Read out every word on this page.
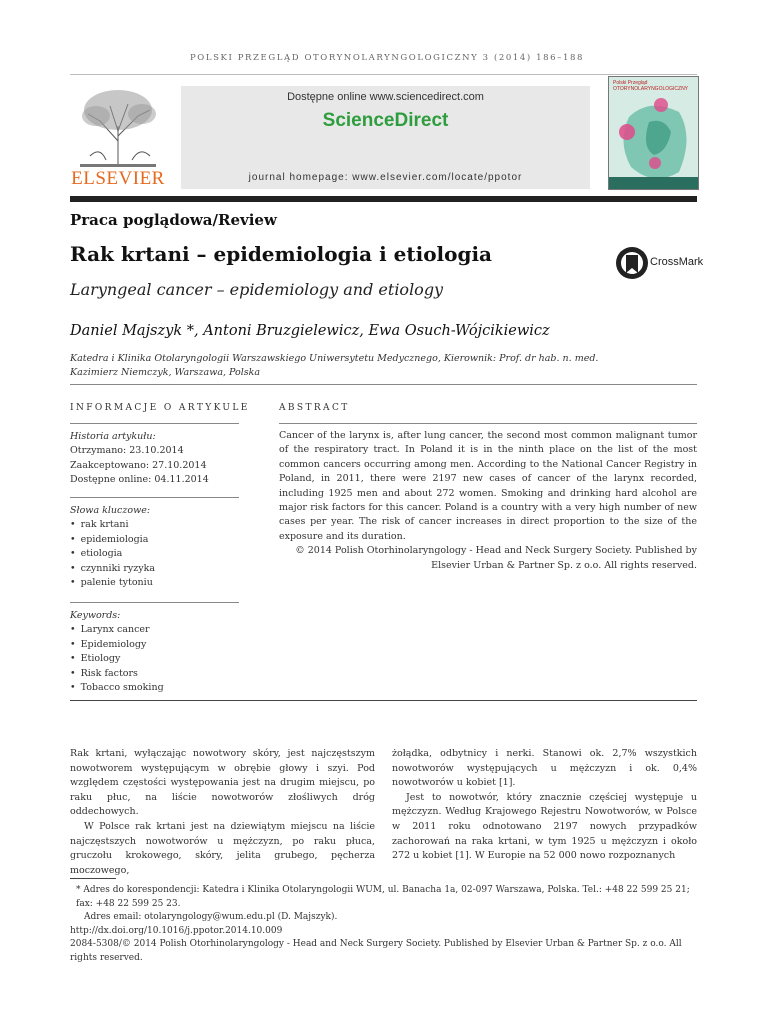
POLSKI PRZEGLĄD OTORYNOLARYNGOLOGICZNY 3 (2014) 186–188
ELSEVIER
Dostępne online www.sciencedirect.com
ScienceDirect
journal homepage: www.elsevier.com/locate/ppotor
Polski Przegląd OTORYNOLARYNGOLOGICZNY
Praca poglądowa/Review
Rak krtani – epidemiologia i etiologia
Laryngeal cancer – epidemiology and etiology
CrossMark
Daniel Majszyk *, Antoni Bruzgielewicz, Ewa Osuch-Wójcikiewicz
Katedra i Klinika Otolaryngologii Warszawskiego Uniwersytetu Medycznego, Kierownik: Prof. dr hab. n. med. Kazimierz Niemczyk, Warszawa, Polska
INFORMACJE O ARTYKULE
Historia artykułu:
Otrzymano: 23.10.2014
Zaakceptowano: 27.10.2014
Dostępne online: 04.11.2014
Słowa kluczowe:
• rak krtani
• epidemiologia
• etiologia
• czynniki ryzyka
• palenie tytoniu
Keywords:
• Larynx cancer
• Epidemiology
• Etiology
• Risk factors
• Tobacco smoking
ABSTRACT
Cancer of the larynx is, after lung cancer, the second most common malignant tumor of the respiratory tract. In Poland it is in the ninth place on the list of the most common cancers occurring among men. According to the National Cancer Registry in Poland, in 2011, there were 2197 new cases of cancer of the larynx recorded, including 1925 men and about 272 women. Smoking and drinking hard alcohol are major risk factors for this cancer. Poland is a country with a very high number of new cases per year. The risk of cancer increases in direct proportion to the size of the exposure and its duration.
© 2014 Polish Otorhinolaryngology - Head and Neck Surgery Society. Published by Elsevier Urban & Partner Sp. z o.o. All rights reserved.

Rak krtani, wyłączając nowotwory skóry, jest najczęstszym nowotworem występującym w obrębie głowy i szyi. Pod względem częstości występowania jest na drugim miejscu, po raku płuc, na liście nowotworów złośliwych dróg oddechowych.

W Polsce rak krtani jest na dziewiątym miejscu na liście najczęstszych nowotworów u mężczyzn, po raku płuca, gruczołu krokowego, skóry, jelita grubego, pęcherza moczowego,

żołądka, odbytnicy i nerki. Stanowi ok. 2,7% wszystkich nowotworów występujących u mężczyzn i ok. 0,4% nowotworów u kobiet [1].

Jest to nowotwór, który znacznie częściej występuje u mężczyzn. Według Krajowego Rejestru Nowotworów, w Polsce w 2011 roku odnotowano 2197 nowych przypadków zachorowań na raka krtani, w tym 1925 u mężczyzn i około 272 u kobiet [1]. W Europie na 52 000 nowo rozpoznanych

* Adres do korespondencji: Katedra i Klinika Otolaryngologii WUM, ul. Banacha 1a, 02-097 Warszawa, Polska. Tel.: +48 22 599 25 21; fax: +48 22 599 25 23.
Adres email: otolaryngology@wum.edu.pl (D. Majszyk).
http://dx.doi.org/10.1016/j.ppotor.2014.10.009
2084-5308/© 2014 Polish Otorhinolaryngology - Head and Neck Surgery Society. Published by Elsevier Urban & Partner Sp. z o.o. All rights reserved.
